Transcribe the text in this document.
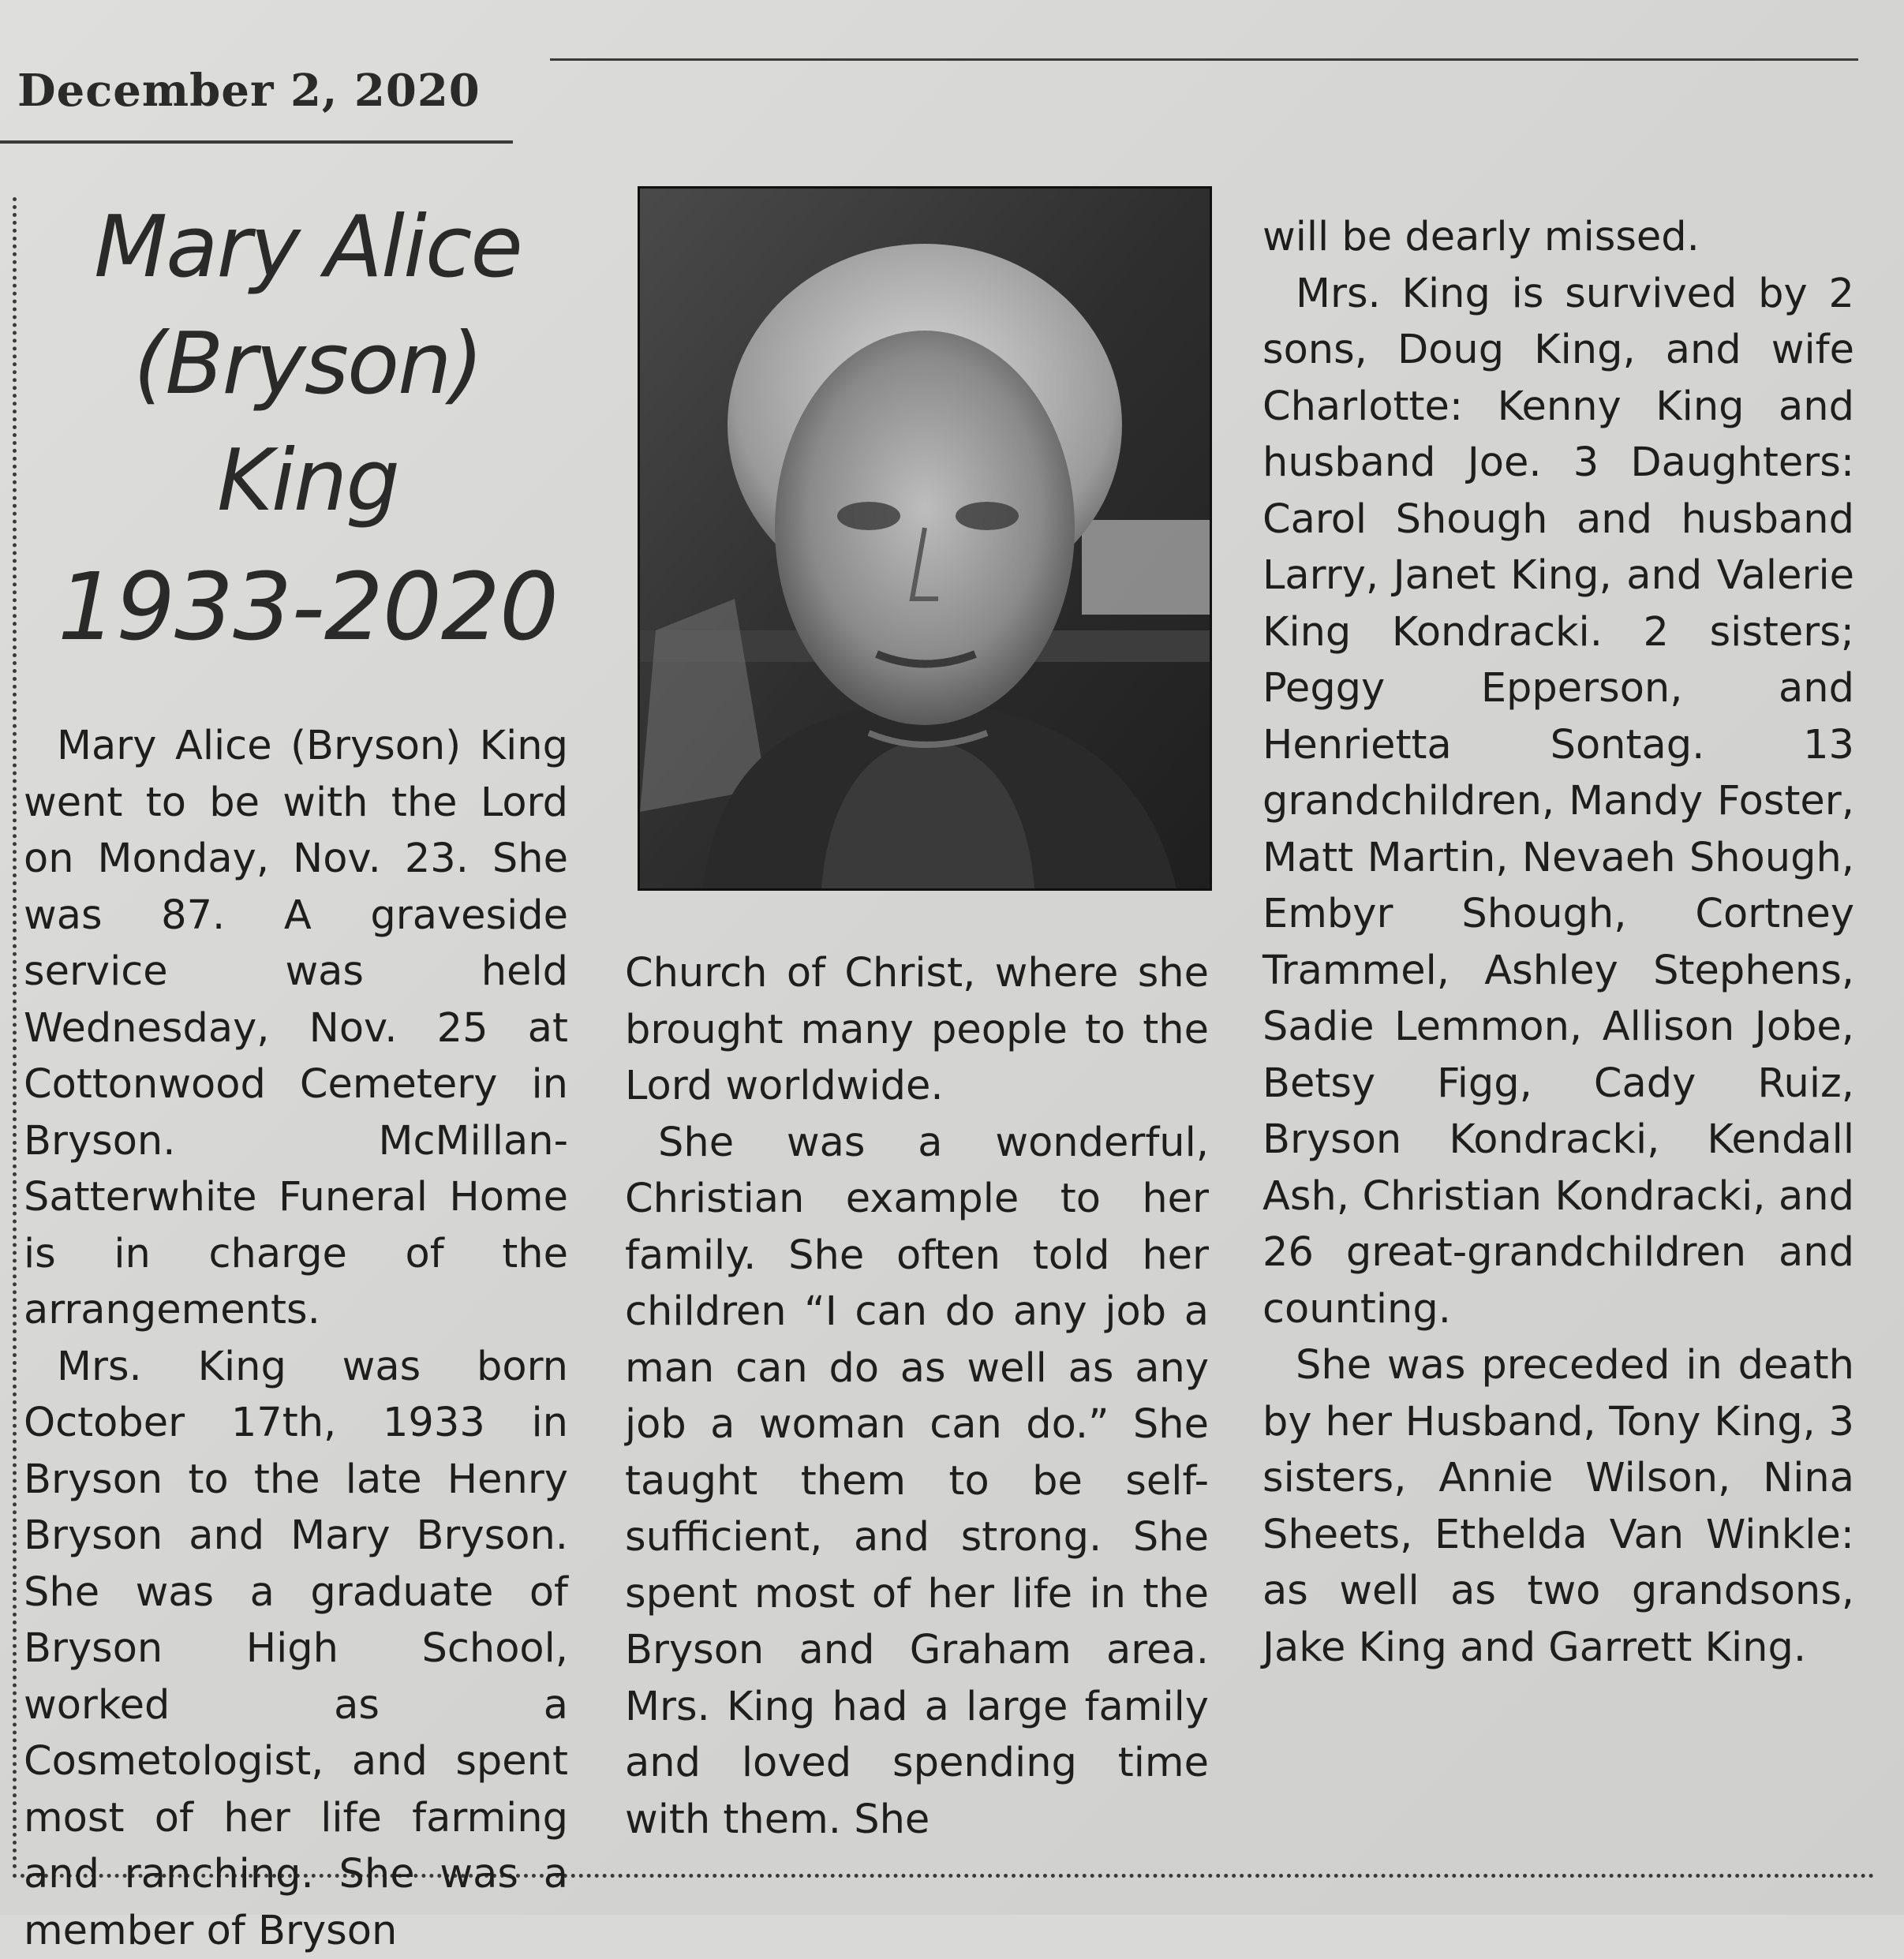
December 2, 2020
Mary Alice
(Bryson)
King
1933-2020

Mary Alice (Bryson) King went to be with the Lord on Monday, Nov. 23. She was 87. A graveside service was held Wednesday, Nov. 25 at Cottonwood Cemetery in Bryson. McMillan-Satterwhite Funeral Home is in charge of the arrangements.

Mrs. King was born October 17th, 1933 in Bryson to the late Henry Bryson and Mary Bryson. She was a graduate of Bryson High School, worked as a Cosmetologist, and spent most of her life farming and ranching. She was a member of Bryson

Church of Christ, where she brought many people to the Lord worldwide.

She was a wonderful, Christian example to her family. She often told her children “I can do any job a man can do as well as any job a woman can do.” She taught them to be self-sufficient, and strong. She spent most of her life in the Bryson and Graham area. Mrs. King had a large family and loved spending time with them. She

will be dearly missed.

Mrs. King is survived by 2 sons, Doug King, and wife Charlotte: Kenny King and husband Joe. 3 Daughters: Carol Shough and husband Larry, Janet King, and Valerie King Kondracki. 2 sisters; Peggy Epperson, and Henrietta Sontag. 13 grandchildren, Mandy Foster, Matt Martin, Nevaeh Shough, Embyr Shough, Cortney Trammel, Ashley Stephens, Sadie Lemmon, Allison Jobe, Betsy Figg, Cady Ruiz, Bryson Kondracki, Kendall Ash, Christian Kondracki, and 26 great-grandchildren and counting.

She was preceded in death by her Husband, Tony King, 3 sisters, Annie Wilson, Nina Sheets, Ethelda Van Winkle: as well as two grandsons, Jake King and Garrett King.
